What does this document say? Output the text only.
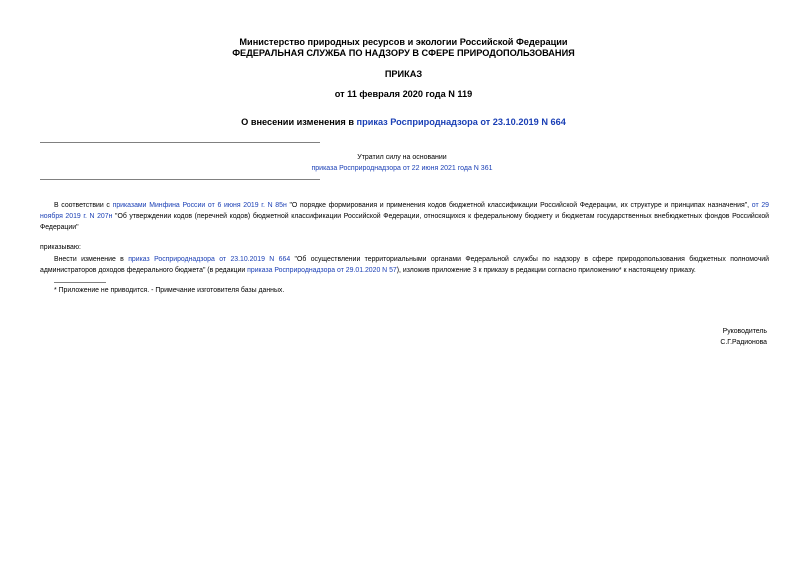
Министерство природных ресурсов и экологии Российской Федерации
ФЕДЕРАЛЬНАЯ СЛУЖБА ПО НАДЗОРУ В СФЕРЕ ПРИРОДОПОЛЬЗОВАНИЯ
ПРИКАЗ
от 11 февраля 2020 года N 119
О внесении изменения в приказ Росприроднадзора от 23.10.2019 N 664
Утратил силу на основании
приказа Росприроднадзора от 22 июня 2021 года N 361
В соответствии с приказами Минфина России от 6 июня 2019 г. N 85н "О порядке формирования и применения кодов бюджетной классификации Российской Федерации, их структуре и принципах назначения", от 29 ноября 2019 г. N 207н "Об утверждении кодов (перечней кодов) бюджетной классификации Российской Федерации, относящихся к федеральному бюджету и бюджетам государственных внебюджетных фондов Российской Федерации"
приказываю:
Внести изменение в приказ Росприроднадзора от 23.10.2019 N 664 "Об осуществлении территориальными органами Федеральной службы по надзору в сфере природопользования бюджетных полномочий администраторов доходов федерального бюджета" (в редакции приказа Росприроднадзора от 29.01.2020 N 57), изложив приложение 3 к приказу в редакции согласно приложению* к настоящему приказу.
* Приложение не приводится. - Примечание изготовителя базы данных.
Руководитель
С.Г.Радионова
